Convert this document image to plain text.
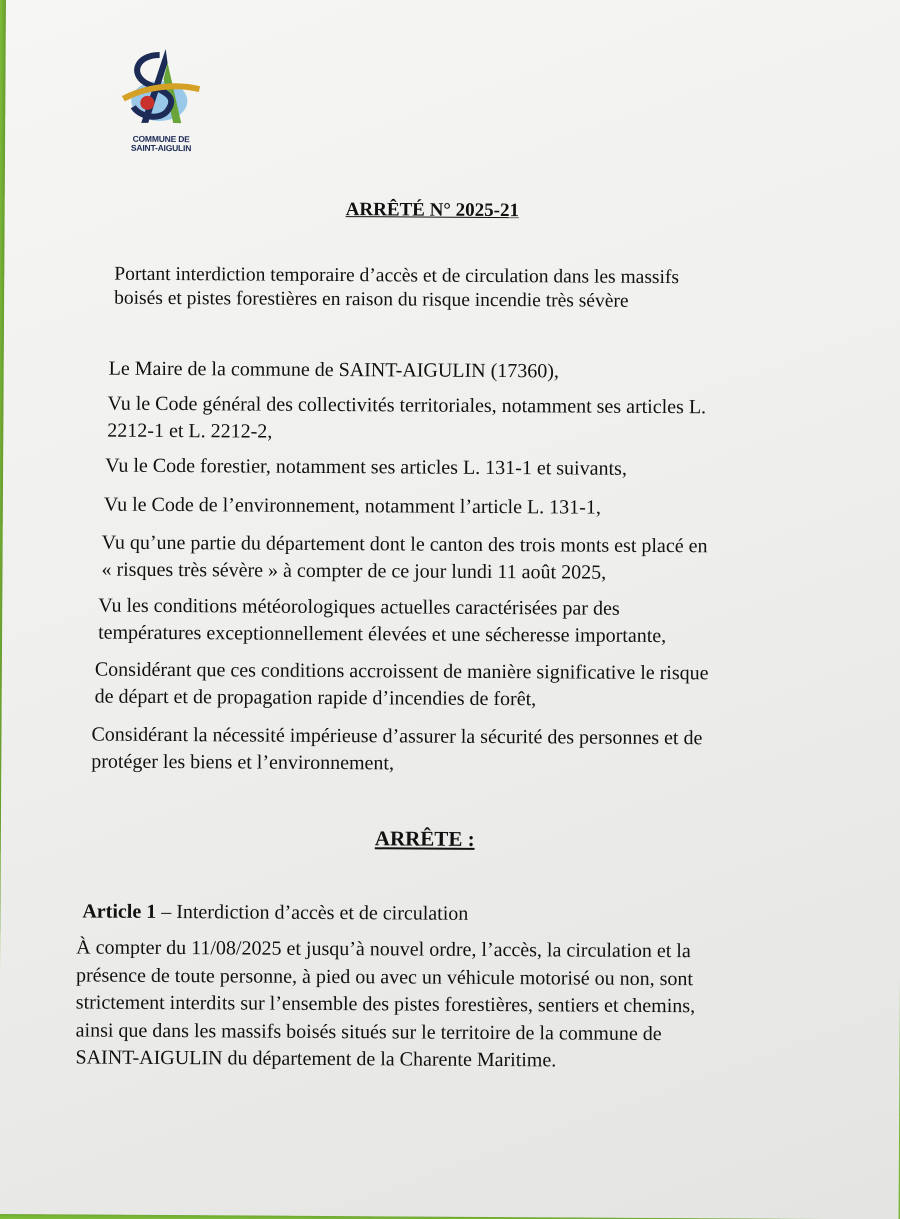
COMMUNE DE
SAINT-AIGULIN
ARRÊTÉ N° 2025-21
Portant interdiction temporaire d’accès et de circulation dans les massifs
boisés et pistes forestières en raison du risque incendie très sévère
Le Maire de la commune de SAINT-AIGULIN (17360),
Vu le Code général des collectivités territoriales, notamment ses articles L.
2212-1 et L. 2212-2,
Vu le Code forestier, notamment ses articles L. 131-1 et suivants,
Vu le Code de l’environnement, notamment l’article L. 131-1,
Vu qu’une partie du département dont le canton des trois monts est placé en
« risques très sévère » à compter de ce jour lundi 11 août 2025,
Vu les conditions météorologiques actuelles caractérisées par des
températures exceptionnellement élevées et une sécheresse importante,
Considérant que ces conditions accroissent de manière significative le risque
de départ et de propagation rapide d’incendies de forêt,
Considérant la nécessité impérieuse d’assurer la sécurité des personnes et de
protéger les biens et l’environnement,
ARRÊTE :
Article 1 – Interdiction d’accès et de circulation
À compter du 11/08/2025 et jusqu’à nouvel ordre, l’accès, la circulation et la
présence de toute personne, à pied ou avec un véhicule motorisé ou non, sont
strictement interdits sur l’ensemble des pistes forestières, sentiers et chemins,
ainsi que dans les massifs boisés situés sur le territoire de la commune de
SAINT-AIGULIN du département de la Charente Maritime.
